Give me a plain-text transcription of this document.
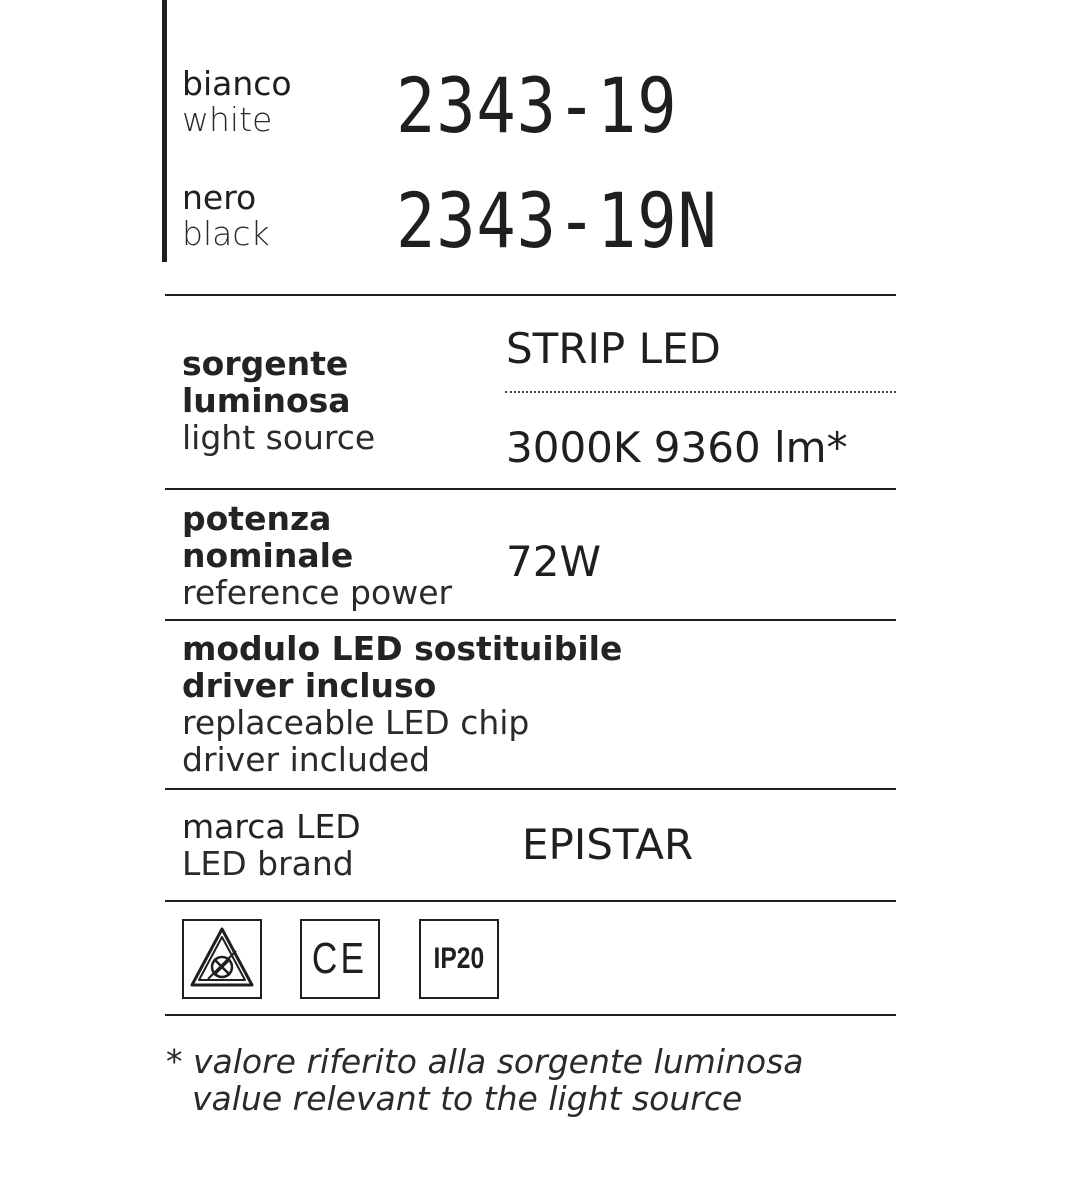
bianco
white 2343-19
nero
black 2343-19N
sorgente
luminosa
light source
STRIP LED
3000K 9360 lm*
potenza
nominale
reference power
72W
modulo LED sostituibile
driver incluso
replaceable LED chip
driver included
marca LED
LED brand	EPISTAR
CE IP20
* valore riferito alla sorgente luminosa
value relevant to the light source
